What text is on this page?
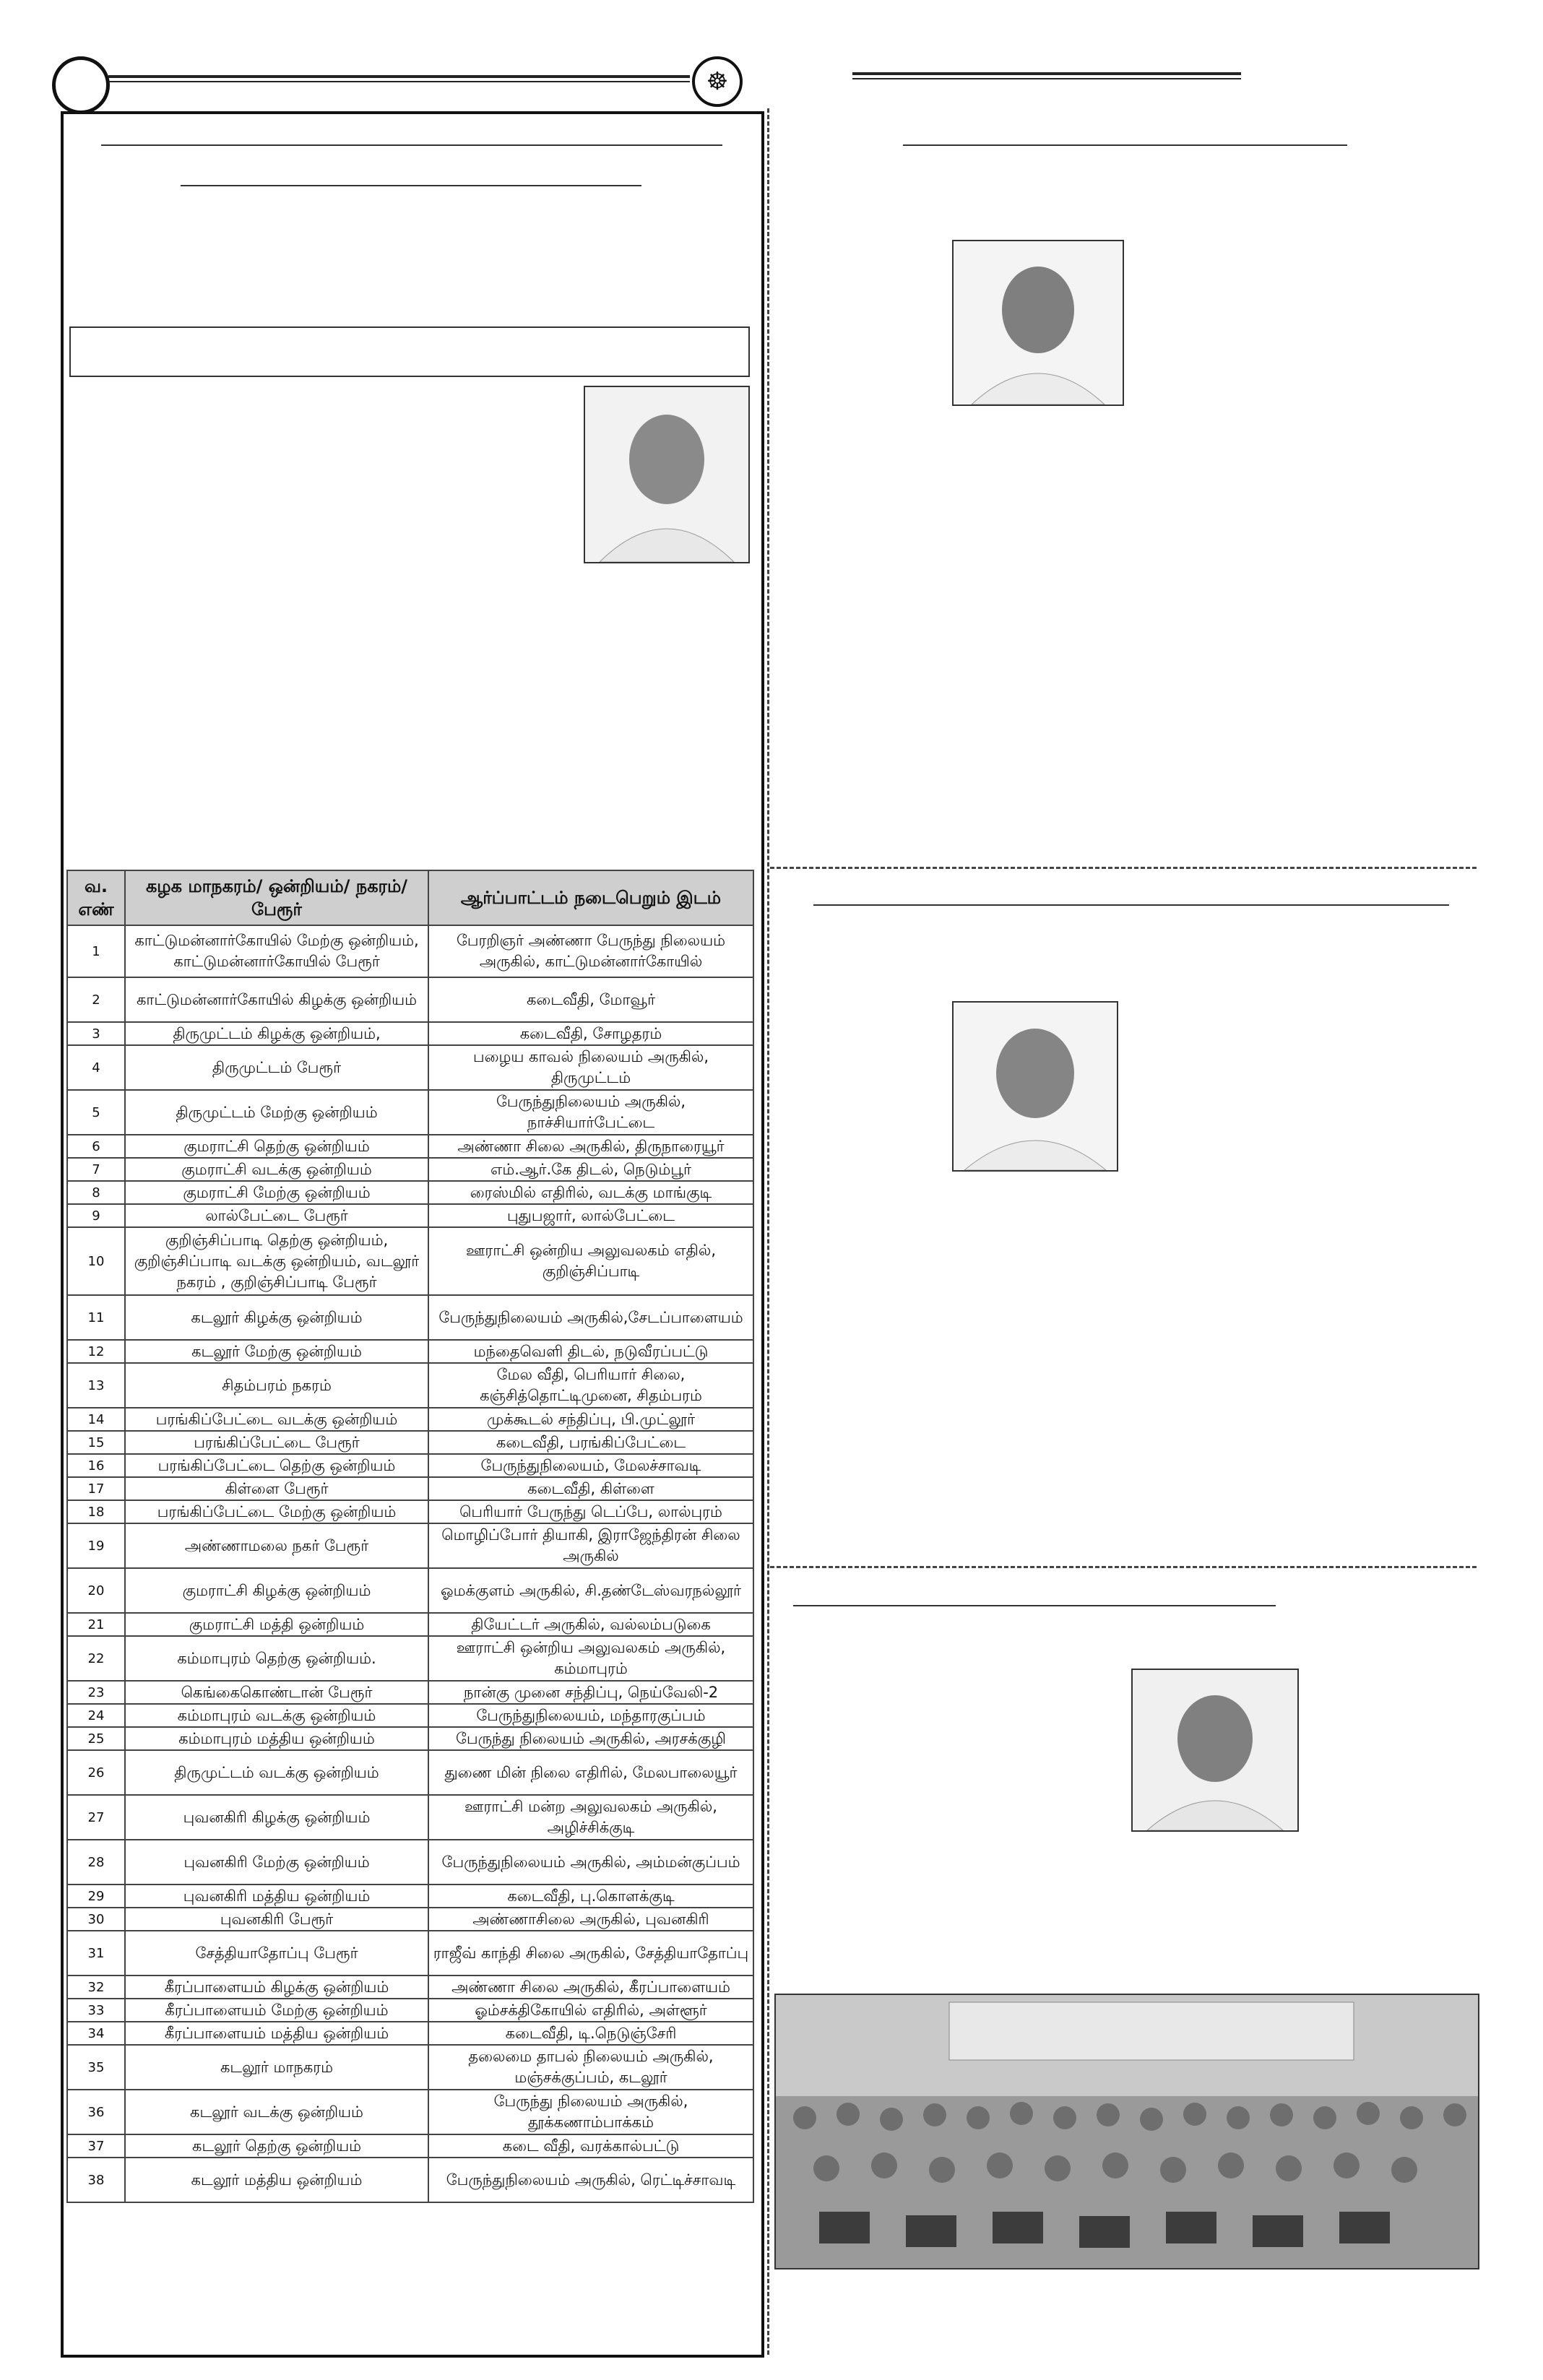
☸
வ. எண்	கழக மாநகரம்/ ஒன்றியம்/ நகரம்/ பேரூர்	ஆர்ப்பாட்டம் நடைபெறும் இடம்
1	காட்டுமன்னார்கோயில் மேற்கு ஒன்றியம், காட்டுமன்னார்கோயில் பேரூர்	பேரறிஞர் அண்ணா பேருந்து நிலையம் அருகில், காட்டுமன்னார்கோயில்
2	காட்டுமன்னார்கோயில் கிழக்கு ஒன்றியம்	கடைவீதி, மோவூர்
3	திருமுட்டம் கிழக்கு ஒன்றியம்,	கடைவீதி, சோழதரம்
4	திருமுட்டம் பேரூர்	பழைய காவல் நிலையம் அருகில், திருமுட்டம்
5	திருமுட்டம் மேற்கு ஒன்றியம்	பேருந்துநிலையம் அருகில், நாச்சியார்பேட்டை
6	குமராட்சி தெற்கு ஒன்றியம்	அண்ணா சிலை அருகில், திருநாரையூர்
7	குமராட்சி வடக்கு ஒன்றியம்	எம்.ஆர்.கே திடல், நெடும்பூர்
8	குமராட்சி மேற்கு ஒன்றியம்	ரைஸ்மில் எதிரில், வடக்கு மாங்குடி
9	லால்பேட்டை பேரூர்	புதுபஜார், லால்பேட்டை
10	குறிஞ்சிப்பாடி தெற்கு ஒன்றியம், குறிஞ்சிப்பாடி வடக்கு ஒன்றியம், வடலூர் நகரம் , குறிஞ்சிப்பாடி பேரூர்	ஊராட்சி ஒன்றிய அலுவலகம் எதில், குறிஞ்சிப்பாடி
11	கடலூர் கிழக்கு ஒன்றியம்	பேருந்துநிலையம் அருகில்,சேடப்பாளையம்
12	கடலூர் மேற்கு ஒன்றியம்	மந்தைவெளி திடல், நடுவீரப்பட்டு
13	சிதம்பரம் நகரம்	மேல வீதி, பெரியார் சிலை, கஞ்சித்தொட்டிமுனை, சிதம்பரம்
14	பரங்கிப்பேட்டை வடக்கு ஒன்றியம்	முக்கூடல் சந்திப்பு, பி.முட்லூர்
15	பரங்கிப்பேட்டை பேரூர்	கடைவீதி, பரங்கிப்பேட்டை
16	பரங்கிப்பேட்டை தெற்கு ஒன்றியம்	பேருந்துநிலையம், மேலச்சாவடி
17	கிள்ளை பேரூர்	கடைவீதி, கிள்ளை
18	பரங்கிப்பேட்டை மேற்கு ஒன்றியம்	பெரியார் பேருந்து டெப்பே, லால்புரம்
19	அண்ணாமலை நகர் பேரூர்	மொழிப்போர் தியாகி, இராஜேந்திரன் சிலை அருகில்
20	குமராட்சி கிழக்கு ஒன்றியம்	ஓமக்குளம் அருகில், சி.தண்டேஸ்வரநல்லூர்
21	குமராட்சி மத்தி ஒன்றியம்	தியேட்டர் அருகில், வல்லம்படுகை
22	கம்மாபுரம் தெற்கு ஒன்றியம்.	ஊராட்சி ஒன்றிய அலுவலகம் அருகில், கம்மாபுரம்
23	கெங்கைகொண்டான் பேரூர்	நான்கு முனை சந்திப்பு, நெய்வேலி-2
24	கம்மாபுரம் வடக்கு ஒன்றியம்	பேருந்துநிலையம், மந்தாரகுப்பம்
25	கம்மாபுரம் மத்திய ஒன்றியம்	பேருந்து நிலையம் அருகில், அரசக்குழி
26	திருமுட்டம் வடக்கு ஒன்றியம்	துணை மின் நிலை எதிரில், மேலபாலையூர்
27	புவனகிரி கிழக்கு ஒன்றியம்	ஊராட்சி மன்ற அலுவலகம் அருகில், அழிச்சிக்குடி
28	புவனகிரி மேற்கு ஒன்றியம்	பேருந்துநிலையம் அருகில், அம்மன்குப்பம்
29	புவனகிரி மத்திய ஒன்றியம்	கடைவீதி, பு.கொளக்குடி
30	புவனகிரி பேரூர்	அண்ணாசிலை அருகில், புவனகிரி
31	சேத்தியாதோப்பு பேரூர்	ராஜீவ் காந்தி சிலை அருகில், சேத்தியாதோப்பு
32	கீரப்பாளையம் கிழக்கு ஒன்றியம்	அண்ணா சிலை அருகில், கீரப்பாளையம்
33	கீரப்பாளையம் மேற்கு ஒன்றியம்	ஓம்சக்திகோயில் எதிரில், அள்ளூர்
34	கீரப்பாளையம் மத்திய ஒன்றியம்	கடைவீதி, டி.நெடுஞ்சேரி
35	கடலூர் மாநகரம்	தலைமை தாபல் நிலையம் அருகில், மஞ்சக்குப்பம், கடலூர்
36	கடலூர் வடக்கு ஒன்றியம்	பேருந்து நிலையம் அருகில், தூக்கணாம்பாக்கம்
37	கடலூர் தெற்கு ஒன்றியம்	கடை வீதி, வரக்கால்பட்டு
38	கடலூர் மத்திய ஒன்றியம்	பேருந்துநிலையம் அருகில், ரெட்டிச்சாவடி
